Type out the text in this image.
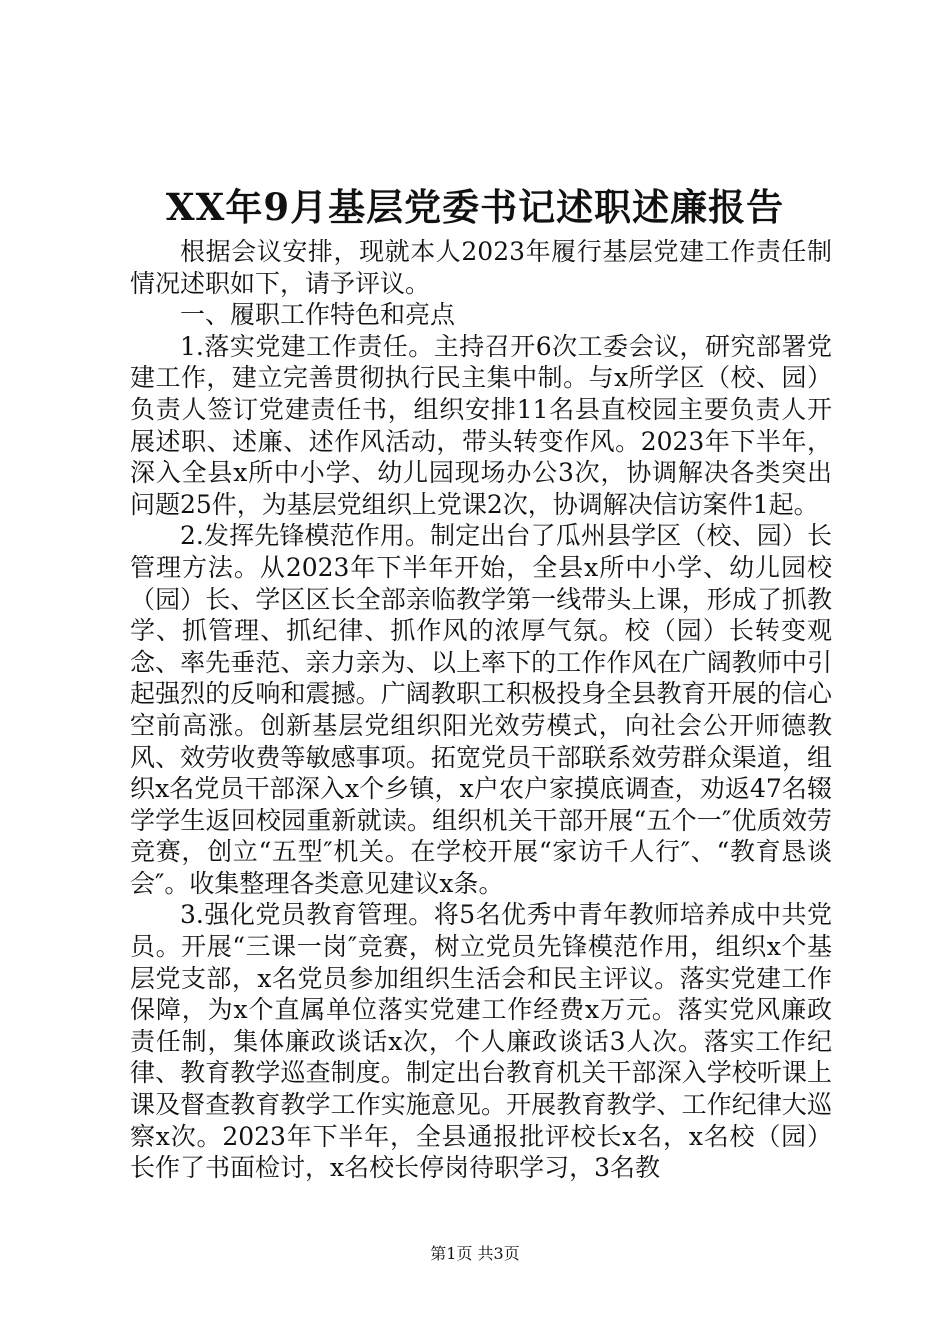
XX年9月基层党委书记述职述廉报告

根据会议安排，现就本人2023年履行基层党建工作责任制情况述职如下，请予评议。

一、履职工作特色和亮点

1.落实党建工作责任。主持召开6次工委会议，研究部署党建工作，建立完善贯彻执行民主集中制。与x所学区（校、园）负责人签订党建责任书，组织安排11名县直校园主要负责人开展述职、述廉、述作风活动，带头转变作风。2023年下半年，深入全县x所中小学、幼儿园现场办公3次，协调解决各类突出问题25件，为基层党组织上党课2次，协调解决信访案件1起。

2.发挥先锋模范作用。制定出台了瓜州县学区（校、园）长管理方法。从2023年下半年开始，全县x所中小学、幼儿园校（园）长、学区区长全部亲临教学第一线带头上课，形成了抓教学、抓管理、抓纪律、抓作风的浓厚气氛。校（园）长转变观念、率先垂范、亲力亲为、以上率下的工作作风在广阔教师中引起强烈的反响和震撼。广阔教职工积极投身全县教育开展的信心空前高涨。创新基层党组织阳光效劳模式，向社会公开师德教风、效劳收费等敏感事项。拓宽党员干部联系效劳群众渠道，组织x名党员干部深入x个乡镇，x户农户家摸底调查，劝返47名辍学学生返回校园重新就读。组织机关干部开展“五个一″优质效劳竞赛，创立“五型″机关。在学校开展“家访千人行″、“教育恳谈会″。收集整理各类意见建议x条。

3.强化党员教育管理。将5名优秀中青年教师培养成中共党员。开展“三课一岗″竞赛，树立党员先锋模范作用，组织x个基层党支部，x名党员参加组织生活会和民主评议。落实党建工作保障，为x个直属单位落实党建工作经费x万元。落实党风廉政责任制，集体廉政谈话x次，个人廉政谈话3人次。落实工作纪律、教育教学巡查制度。制定出台教育机关干部深入学校听课上课及督查教育教学工作实施意见。开展教育教学、工作纪律大巡察x次。2023年下半年，全县通报批评校长x名，x名校（园）长作了书面检讨，x名校长停岗待职学习，3名教

第1页 共3页
